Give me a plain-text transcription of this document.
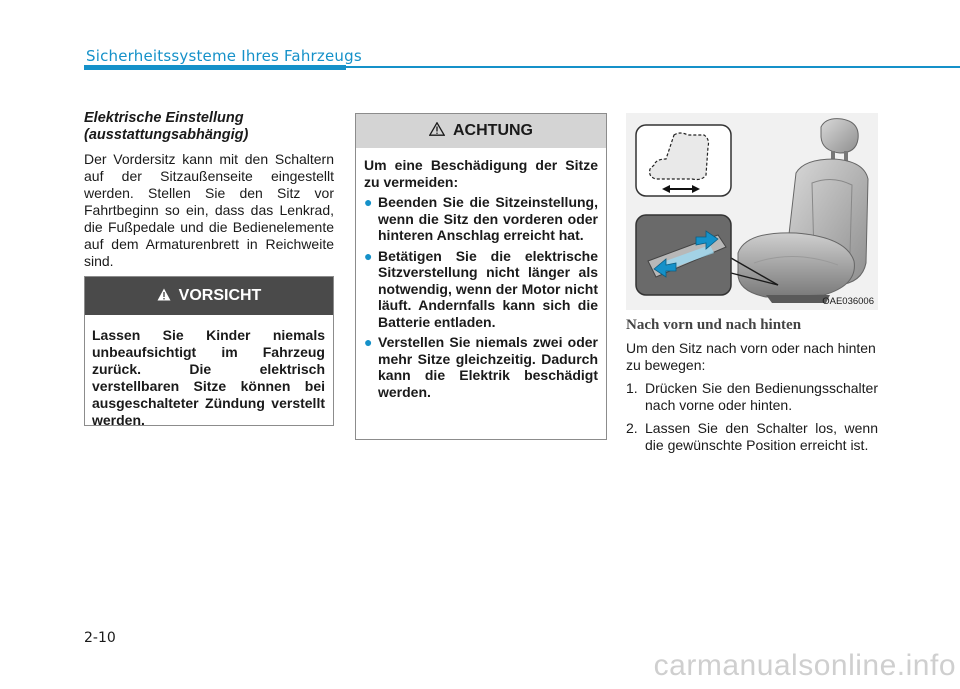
Sicherheitssysteme Ihres Fahrzeugs
Elektrische Einstellung
(ausstattungsabhängig)

Der Vordersitz kann mit den Schaltern auf der Sitzaußenseite eingestellt werden. Stellen Sie den Sitz vor Fahrtbeginn so ein, dass das Lenkrad, die Fußpedale und die Bedienelemente auf dem Armaturenbrett in Reichweite sind.

VORSICHT
Lassen Sie Kinder niemals unbeaufsichtigt im Fahrzeug zurück. Die elektrisch verstellbaren Sitze können bei ausgeschalteter Zündung verstellt werden.
ACHTUNG
Um eine Beschädigung der Sitze zu vermeiden:
● Beenden Sie die Sitzeinstellung, wenn die Sitz den vorderen oder hinteren Anschlag erreicht hat.
● Betätigen Sie die elektrische Sitzverstellung nicht länger als notwendig, wenn der Motor nicht läuft. Andernfalls kann sich die Batterie entladen.
● Verstellen Sie niemals zwei oder mehr Sitze gleichzeitig. Dadurch kann die Elektrik beschädigt werden.
OAE036006
Nach vorn und nach hinten

Um den Sitz nach vorn oder nach hinten zu bewegen:

1. Drücken Sie den Bedienungsschalter nach vorne oder hinten.
2. Lassen Sie den Schalter los, wenn die gewünschte Position erreicht ist.
2-10
carmanualsonline.info
